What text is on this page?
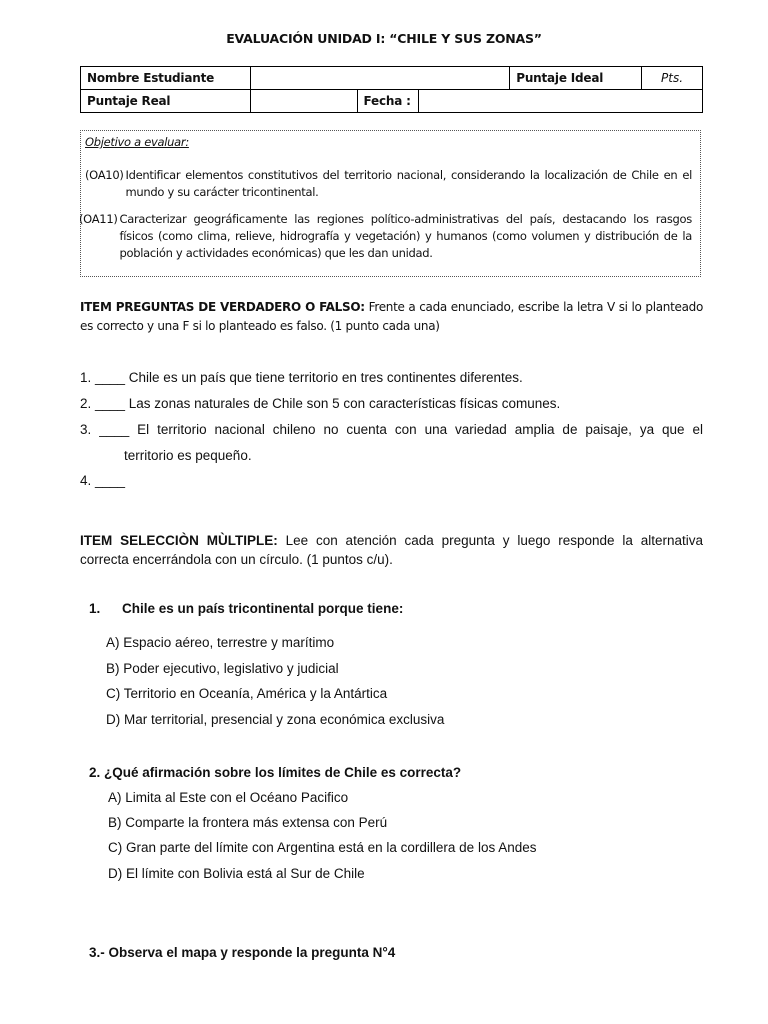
EVALUACIÓN UNIDAD I: “CHILE Y SUS ZONAS”
Nombre Estudiante				Puntaje Ideal	Pts.
Puntaje Real		Fecha :			
Objetivo a evaluar:
(OA10) Identificar elementos constitutivos del territorio nacional, considerando la localización de Chile en el mundo y su carácter tricontinental.
(OA11) Caracterizar geográficamente las regiones político-administrativas del país, destacando los rasgos físicos (como clima, relieve, hidrografía y vegetación) y humanos (como volumen y distribución de la población y actividades económicas) que les dan unidad.
ITEM PREGUNTAS DE VERDADERO O FALSO: Frente a cada enunciado, escribe la letra V si lo planteado es correcto y una F si lo planteado es falso. (1 punto cada una)
1. ____ Chile es un país que tiene territorio en tres continentes diferentes.
2. ____ Las zonas naturales de Chile son 5 con características físicas comunes.
3. ____ El territorio nacional chileno no cuenta con una variedad amplia de paisaje, ya que el
territorio es pequeño.
4. ____
ITEM SELECCIÒN MÙLTIPLE: Lee con atención cada pregunta y luego responde la alternativa correcta encerrándola con un círculo. (1 puntos c/u).
1. Chile es un país tricontinental porque tiene:
A) Espacio aéreo, terrestre y marítimo
B) Poder ejecutivo, legislativo y judicial
C) Territorio en Oceanía, América y la Antártica
D) Mar territorial, presencial y zona económica exclusiva
2. ¿Qué afirmación sobre los límites de Chile es correcta?
A) Limita al Este con el Océano Pacifico
B) Comparte la frontera más extensa con Perú
C) Gran parte del límite con Argentina está en la cordillera de los Andes
D) El límite con Bolivia está al Sur de Chile
3.- Observa el mapa y responde la pregunta N°4
